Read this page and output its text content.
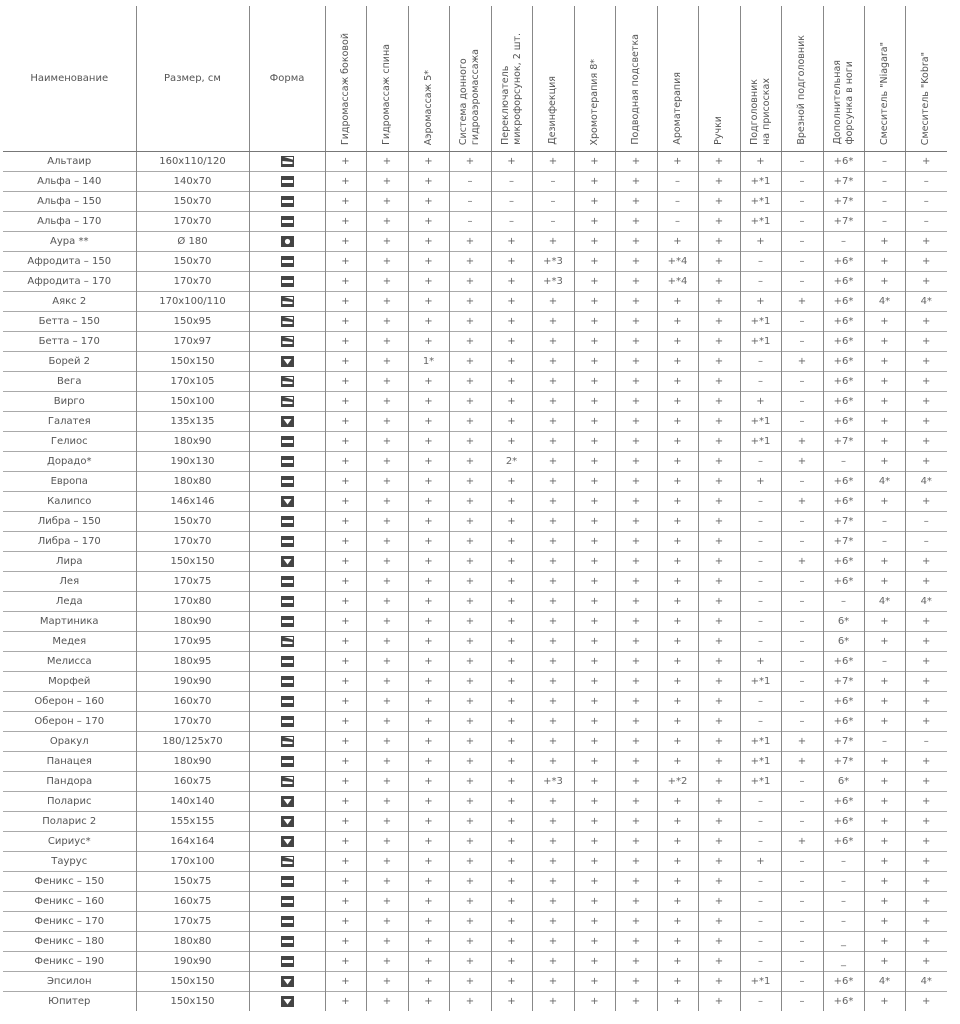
Наименование	Размер, см	Форма	Гидромассаж боковой	Гидромассаж спина	Аэромассаж 5*	Система донного
гидроаэромассажа	Переключатель
микрофорсунок, 2 шт.	Дезинфекция	Хромотерапия 8*	Подводная подсветка	Ароматерапия	Ручки	Подголовник
на присосках	Врезной подголовник	Дополнительная
форсунка в ноги	Смеситель "Niagara"	Смеситель "Kobra"

Альтаир	160x110/120		+	+	+	+	+	+	+	+	+	+	+	–	+6*	–	+
Альфа – 140	140x70		+	+	+	–	–	–	+	+	–	+	+*1	–	+7*	–	–
Альфа – 150	150x70		+	+	+	–	–	–	+	+	–	+	+*1	–	+7*	–	–
Альфа – 170	170x70		+	+	+	–	–	–	+	+	–	+	+*1	–	+7*	–	–
Аура **	Ø 180		+	+	+	+	+	+	+	+	+	+	+	–	–	+	+
Афродита – 150	150x70		+	+	+	+	+	+*3	+	+	+*4	+	–	–	+6*	+	+
Афродита – 170	170x70		+	+	+	+	+	+*3	+	+	+*4	+	–	–	+6*	+	+
Аякс 2	170x100/110		+	+	+	+	+	+	+	+	+	+	+	+	+6*	4*	4*
Бетта – 150	150x95		+	+	+	+	+	+	+	+	+	+	+*1	–	+6*	+	+
Бетта – 170	170x97		+	+	+	+	+	+	+	+	+	+	+*1	–	+6*	+	+
Борей 2	150x150		+	+	1*	+	+	+	+	+	+	+	–	+	+6*	+	+
Вега	170x105		+	+	+	+	+	+	+	+	+	+	–	–	+6*	+	+
Вирго	150x100		+	+	+	+	+	+	+	+	+	+	+	–	+6*	+	+
Галатея	135x135		+	+	+	+	+	+	+	+	+	+	+*1	–	+6*	+	+
Гелиос	180x90		+	+	+	+	+	+	+	+	+	+	+*1	+	+7*	+	+
Дорадо*	190x130		+	+	+	+	2*	+	+	+	+	+	–	+	–	+	+
Европа	180x80		+	+	+	+	+	+	+	+	+	+	+	–	+6*	4*	4*
Калипсо	146x146		+	+	+	+	+	+	+	+	+	+	–	+	+6*	+	+
Либра – 150	150x70		+	+	+	+	+	+	+	+	+	+	–	–	+7*	–	–
Либра – 170	170x70		+	+	+	+	+	+	+	+	+	+	–	–	+7*	–	–
Лира	150x150		+	+	+	+	+	+	+	+	+	+	–	+	+6*	+	+
Лея	170x75		+	+	+	+	+	+	+	+	+	+	–	–	+6*	+	+
Леда	170x80		+	+	+	+	+	+	+	+	+	+	–	–	–	4*	4*
Мартиника	180x90		+	+	+	+	+	+	+	+	+	+	–	–	6*	+	+
Медея	170x95		+	+	+	+	+	+	+	+	+	+	–	–	6*	+	+
Мелисса	180x95		+	+	+	+	+	+	+	+	+	+	+	–	+6*	–	+
Морфей	190x90		+	+	+	+	+	+	+	+	+	+	+*1	–	+7*	+	+
Оберон – 160	160x70		+	+	+	+	+	+	+	+	+	+	–	–	+6*	+	+
Оберон – 170	170x70		+	+	+	+	+	+	+	+	+	+	–	–	+6*	+	+
Оракул	180/125x70		+	+	+	+	+	+	+	+	+	+	+*1	+	+7*	–	–
Панацея	180x90		+	+	+	+	+	+	+	+	+	+	+*1	+	+7*	+	+
Пандора	160x75		+	+	+	+	+	+*3	+	+	+*2	+	+*1	–	6*	+	+
Поларис	140x140		+	+	+	+	+	+	+	+	+	+	–	–	+6*	+	+
Поларис 2	155x155		+	+	+	+	+	+	+	+	+	+	–	–	+6*	+	+
Сириус*	164x164		+	+	+	+	+	+	+	+	+	+	–	+	+6*	+	+
Таурус	170x100		+	+	+	+	+	+	+	+	+	+	+	–	–	+	+
Феникс – 150	150x75		+	+	+	+	+	+	+	+	+	+	–	–	–	+	+
Феникс – 160	160x75		+	+	+	+	+	+	+	+	+	+	–	–	–	+	+
Феникс – 170	170x75		+	+	+	+	+	+	+	+	+	+	–	–	–	+	+
Феникс – 180	180x80		+	+	+	+	+	+	+	+	+	+	–	–	_	+	+
Феникс – 190	190x90		+	+	+	+	+	+	+	+	+	+	–	–	_	+	+
Эпсилон	150x150		+	+	+	+	+	+	+	+	+	+	+*1	–	+6*	4*	4*
Юпитер	150x150		+	+	+	+	+	+	+	+	+	+	–	–	+6*	+	+
